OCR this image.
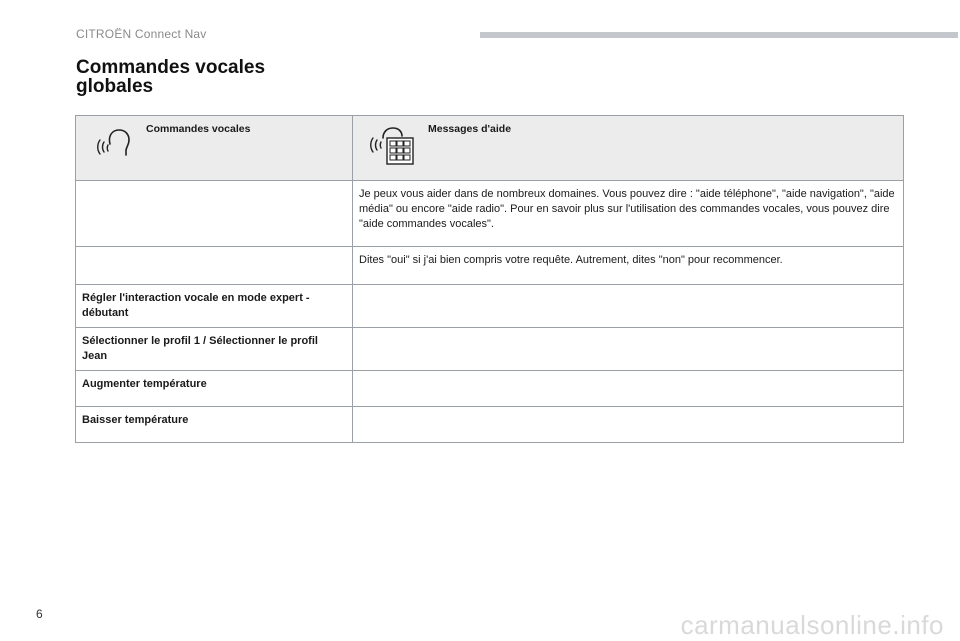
CITROËN Connect Nav
Commandes vocales
globales
Commandes vocales	Messages d'aide

	Je peux vous aider dans de nombreux domaines. Vous pouvez dire : "aide téléphone", "aide navigation", "aide média" ou encore "aide radio". Pour en savoir plus sur l'utilisation des commandes vocales, vous pouvez dire "aide commandes vocales".
	Dites "oui" si j'ai bien compris votre requête. Autrement, dites "non" pour recommencer.
Régler l'interaction vocale en mode expert - débutant	
Sélectionner le profil 1 / Sélectionner le profil Jean	
Augmenter température	
Baisser température	
6	carmanualsonline.info
